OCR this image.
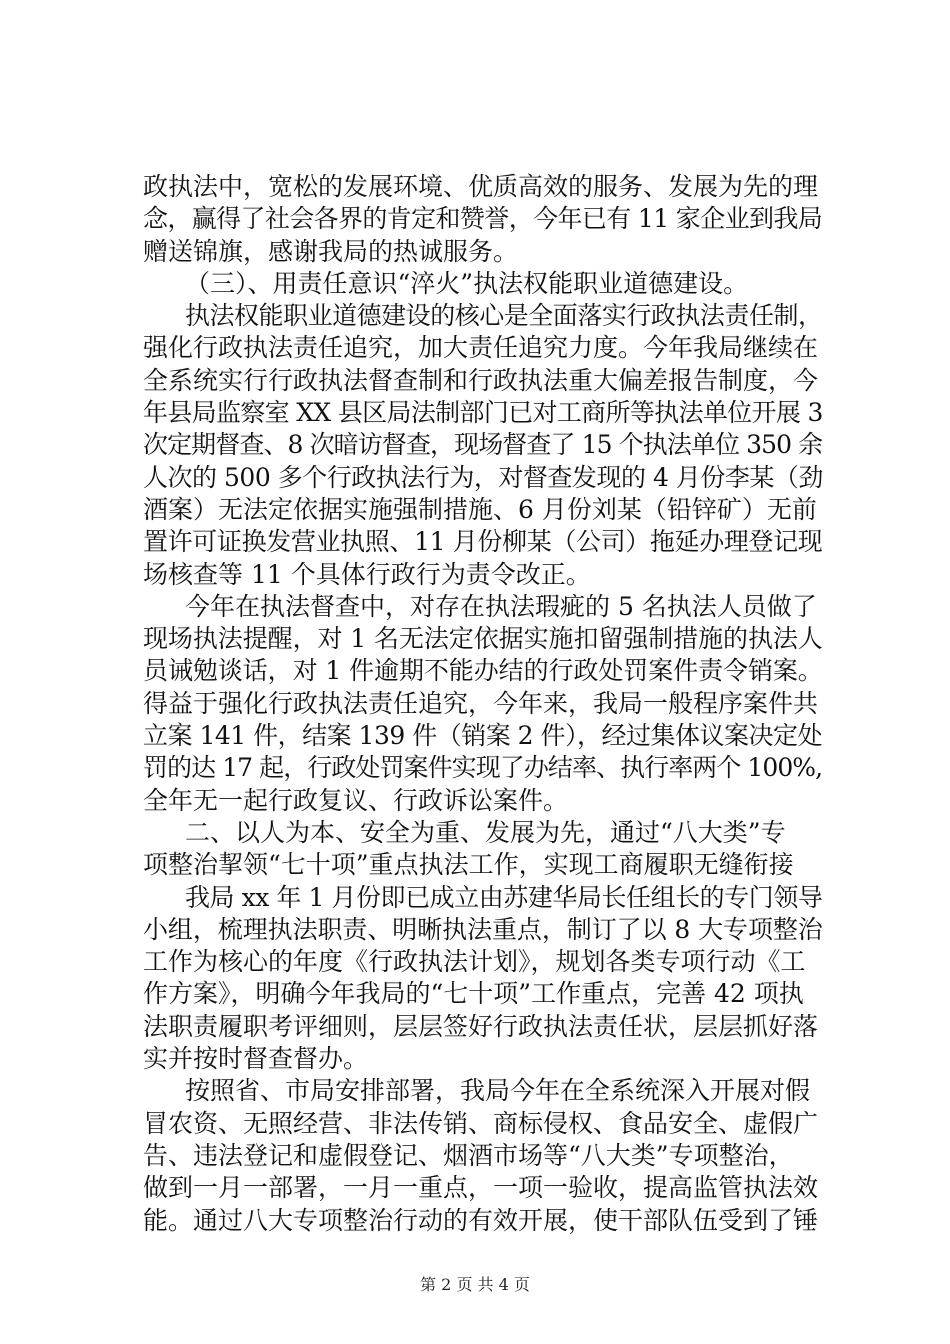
政执法中，宽松的发展环境、优质高效的服务、发展为先的理
念，赢得了社会各界的肯定和赞誉，今年已有 11 家企业到我局
赠送锦旗，感谢我局的热诚服务。
（三）、用责任意识“淬火”执法权能职业道德建设。
执法权能职业道德建设的核心是全面落实行政执法责任制，
强化行政执法责任追究，加大责任追究力度。今年我局继续在
全系统实行行政执法督查制和行政执法重大偏差报告制度，今
年县局监察室 XX 县区局法制部门已对工商所等执法单位开展 3
次定期督查、8 次暗访督查，现场督查了 15 个执法单位 350 余
人次的 500 多个行政执法行为，对督查发现的 4 月份李某（劲
酒案）无法定依据实施强制措施、6 月份刘某（铅锌矿）无前
置许可证换发营业执照、11 月份柳某（公司）拖延办理登记现
场核查等 11 个具体行政行为责令改正。
今年在执法督查中，对存在执法瑕疵的 5 名执法人员做了
现场执法提醒，对 1 名无法定依据实施扣留强制措施的执法人
员诫勉谈话，对 1 件逾期不能办结的行政处罚案件责令销案。
得益于强化行政执法责任追究，今年来，我局一般程序案件共
立案 141 件，结案 139 件（销案 2 件），经过集体议案决定处
罚的达 17 起，行政处罚案件实现了办结率、执行率两个 100%,
全年无一起行政复议、行政诉讼案件。
二、以人为本、安全为重、发展为先，通过“八大类”专
项整治挈领“七十项”重点执法工作，实现工商履职无缝衔接
我局 xx 年 1 月份即已成立由苏建华局长任组长的专门领导
小组，梳理执法职责、明晰执法重点，制订了以 8 大专项整治
工作为核心的年度《行政执法计划》，规划各类专项行动《工
作方案》，明确今年我局的“七十项”工作重点，完善 42 项执
法职责履职考评细则，层层签好行政执法责任状，层层抓好落
实并按时督查督办。
按照省、市局安排部署，我局今年在全系统深入开展对假
冒农资、无照经营、非法传销、商标侵权、食品安全、虚假广
告、违法登记和虚假登记、烟酒市场等“八大类”专项整治，
做到一月一部署，一月一重点，一项一验收，提高监管执法效
能。通过八大专项整治行动的有效开展，使干部队伍受到了锤
第 2 页 共 4 页
